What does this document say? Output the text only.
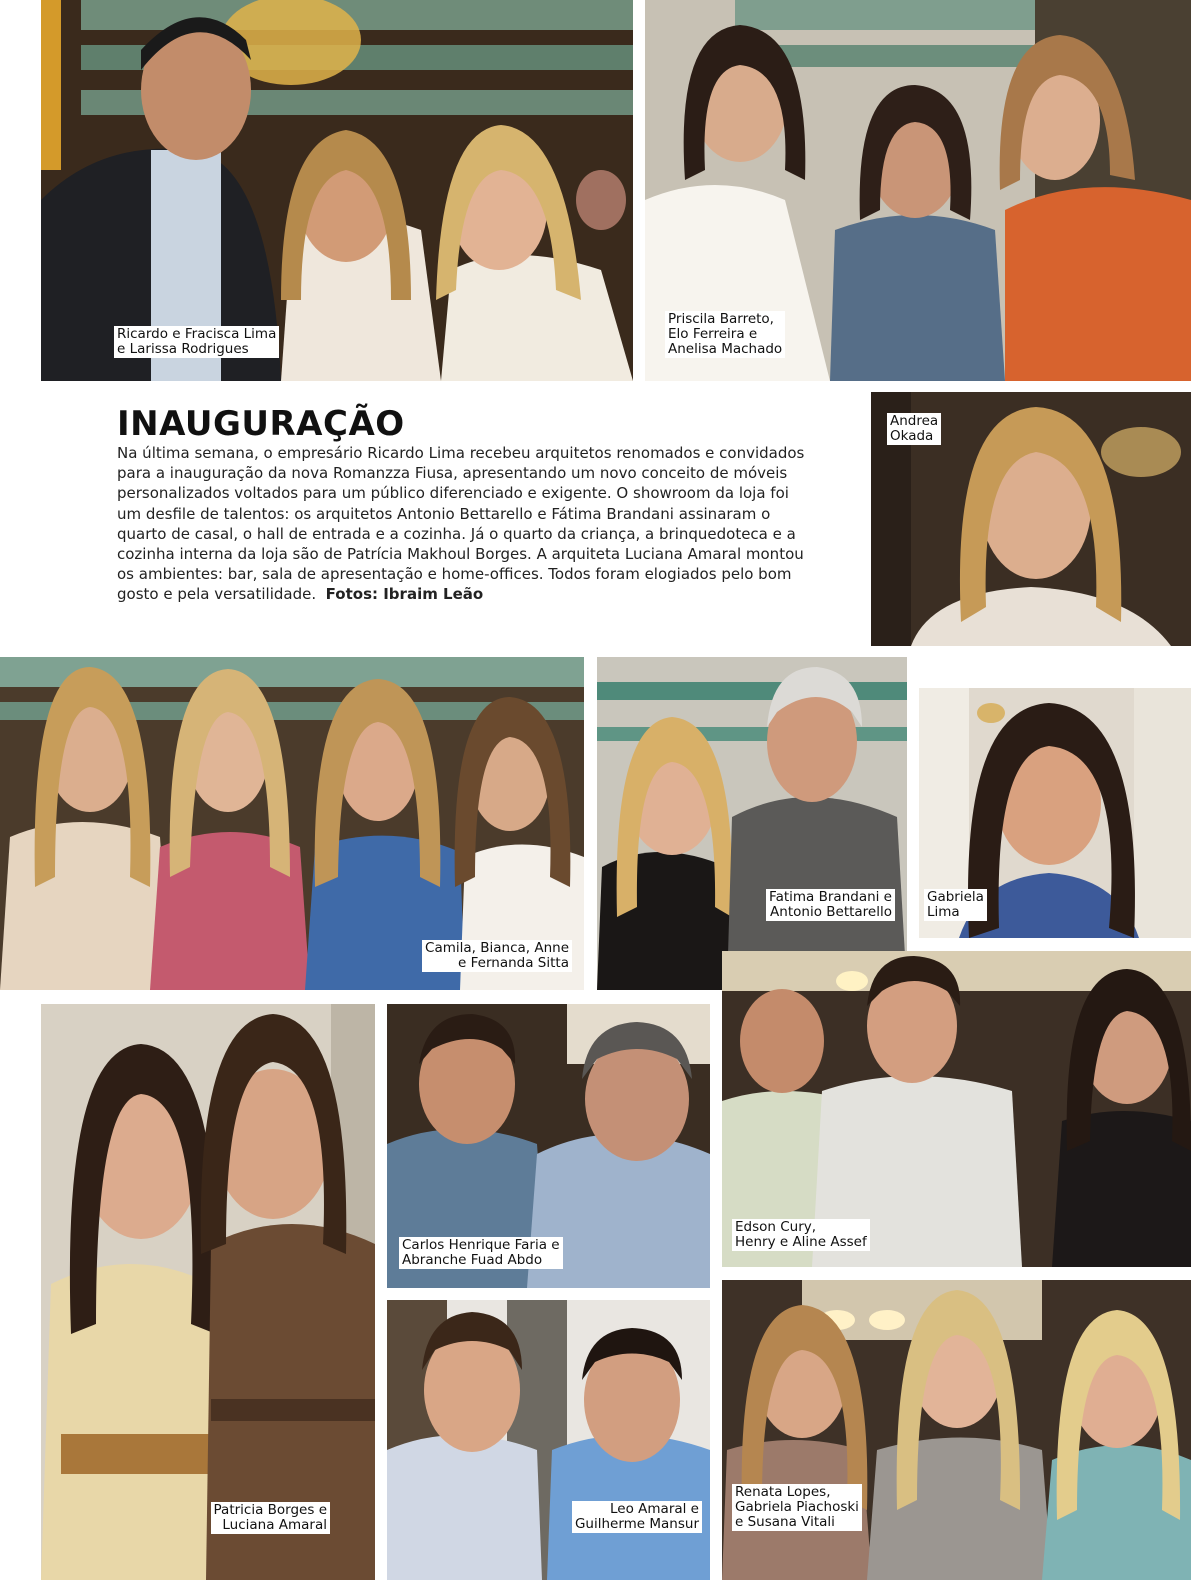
Ricardo e Fracisca Lima
e Larissa Rodrigues
Priscila Barreto,
Elo Ferreira e
Anelisa Machado
INAUGURAÇÃO

Na última semana, o empresário Ricardo Lima recebeu arquitetos renomados e convidados para a inauguração da nova Romanzza Fiusa, apresentando um novo conceito de móveis personalizados voltados para um público diferenciado e exigente. O showroom da loja foi um desfile de talentos: os arquitetos Antonio Bettarello e Fátima Brandani assinaram o quarto de casal, o hall de entrada e a cozinha. Já o quarto da criança, a brinquedoteca e a cozinha interna da loja são de Patrícia Makhoul Borges. A arquiteta Luciana Amaral montou os ambientes: bar, sala de apresentação e home-offices. Todos foram elogiados pelo bom gosto e pela versatilidade. Fotos: Ibraim Leão

Andrea
Okada
Camila, Bianca, Anne
e Fernanda Sitta
Fatima Brandani e
Antonio Bettarello
Gabriela
Lima
Patricia Borges e
Luciana Amaral
Carlos Henrique Faria e
Abranche Fuad Abdo
Edson Cury,
Henry e Aline Assef
Leo Amaral e
Guilherme Mansur
Renata Lopes,
Gabriela Piachoski
e Susana Vitali
